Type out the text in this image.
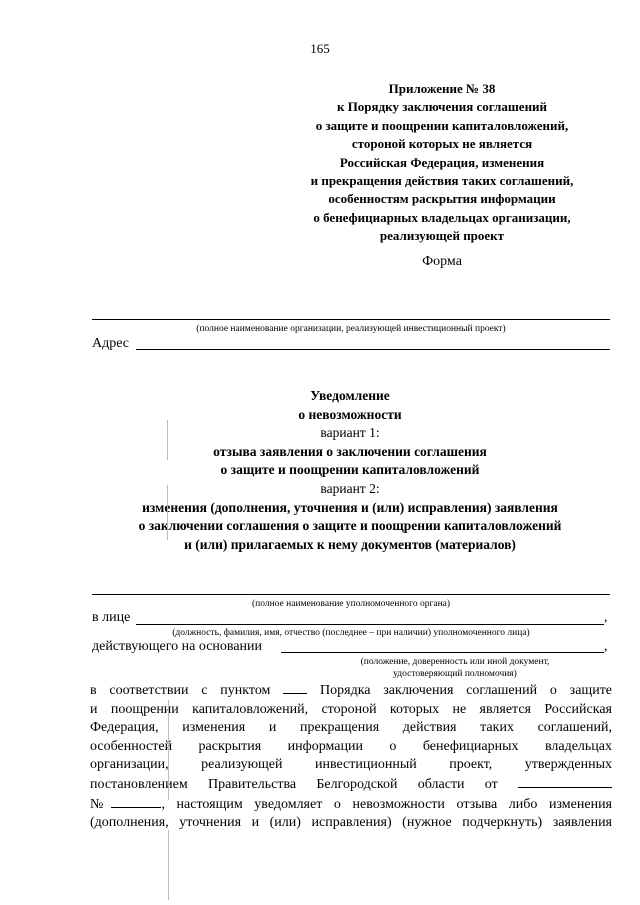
165
Приложение № 38
к Порядку заключения соглашений
о защите и поощрении капиталовложений,
стороной которых не является
Российская Федерация, изменения
и прекращения действия таких соглашений,
особенностям раскрытия информации
о бенефициарных владельцах организации,
реализующей проект
Форма
(полное наименование организации, реализующей инвестиционный проект)
Адрес
Уведомление
о невозможности
вариант 1:
отзыва заявления о заключении соглашения
о защите и поощрении капиталовложений
вариант 2:
изменения (дополнения, уточнения и (или) исправления) заявления
о заключении соглашения о защите и поощрении капиталовложений
и (или) прилагаемых к нему документов (материалов)
(полное наименование уполномоченного органа)
в лице	,
(должность, фамилия, имя, отчество (последнее – при наличии) уполномоченного лица)
действующего на основании	,
(положение, доверенность или иной документ,
удостоверяющий полномочия)
в соответствии с пунктом	Порядка заключения соглашений о защите
и поощрении капиталовложений, стороной которых не является Российская
Федерация, изменения и прекращения действия таких соглашений,
особенностей раскрытия информации о бенефициарных владельцах
организации, реализующей инвестиционный проект, утвержденных
постановлением Правительства Белгородской области от
№	, настоящим уведомляет о невозможности отзыва либо изменения
(дополнения, уточнения и (или) исправления) (нужное подчеркнуть) заявления
